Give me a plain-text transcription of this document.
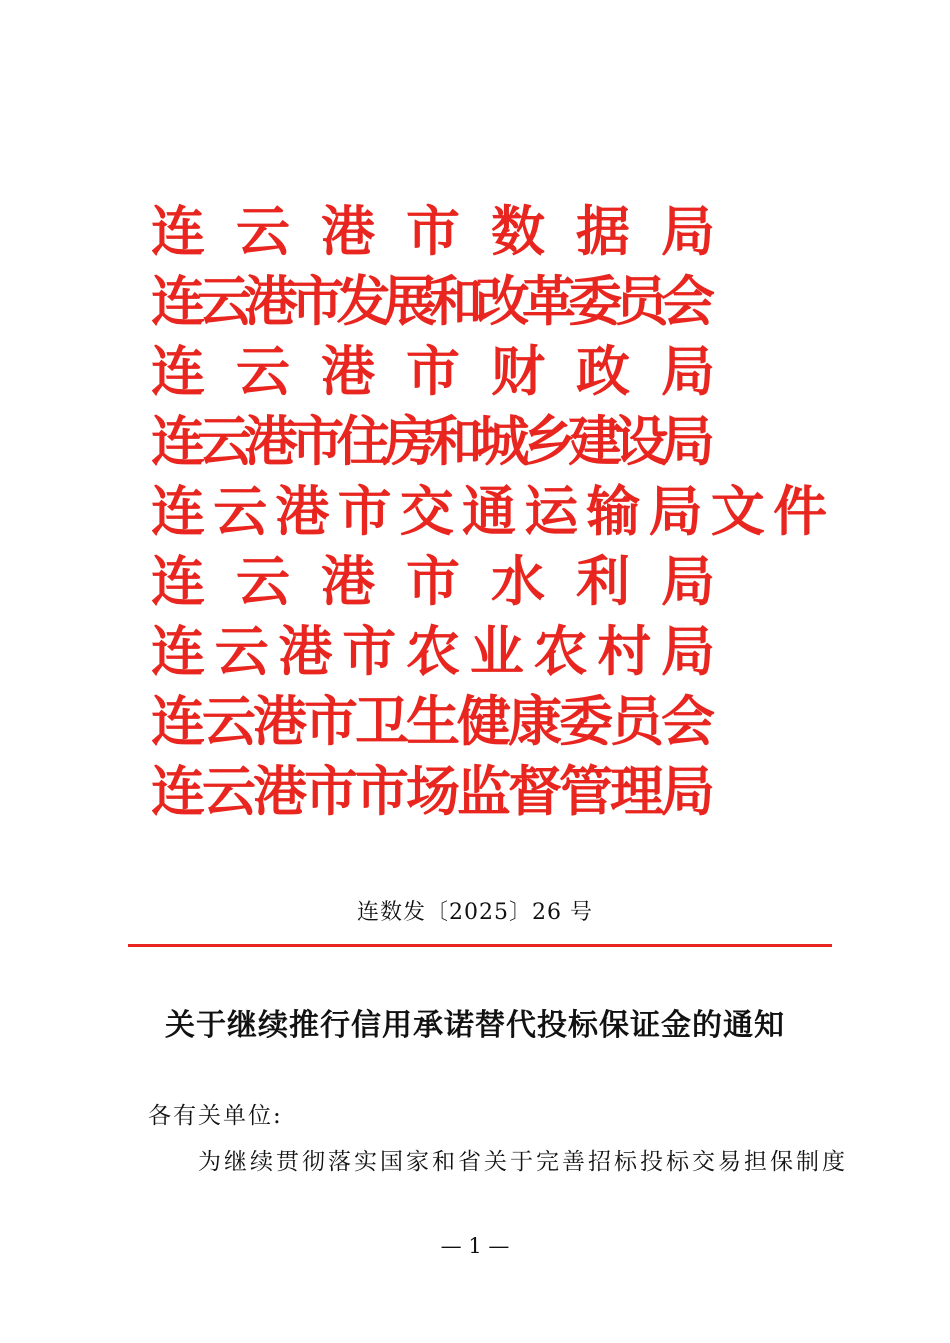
连 云 港 市 数 据 局
连
云
港
市
发
展
和
改
革
委
员
会
连 云 港 市 财 政 局
连
云
港
市
住
房
和
城
乡
建
设
局
连 云 港 市 交 通 运 输 局 文 件
连 云 港 市 水 利 局
连 云 港 市 农 业 农 村 局
连
云
港
市
卫
生
健
康
委
员
会
连
云
港
市
市
场
监
督
管
理
局
连数发〔2025〕26 号
关于继续推行信用承诺替代投标保证金的通知
各有关单位:
为继续贯彻落实国家和省关于完善招标投标交易担保制度
— 1 —
